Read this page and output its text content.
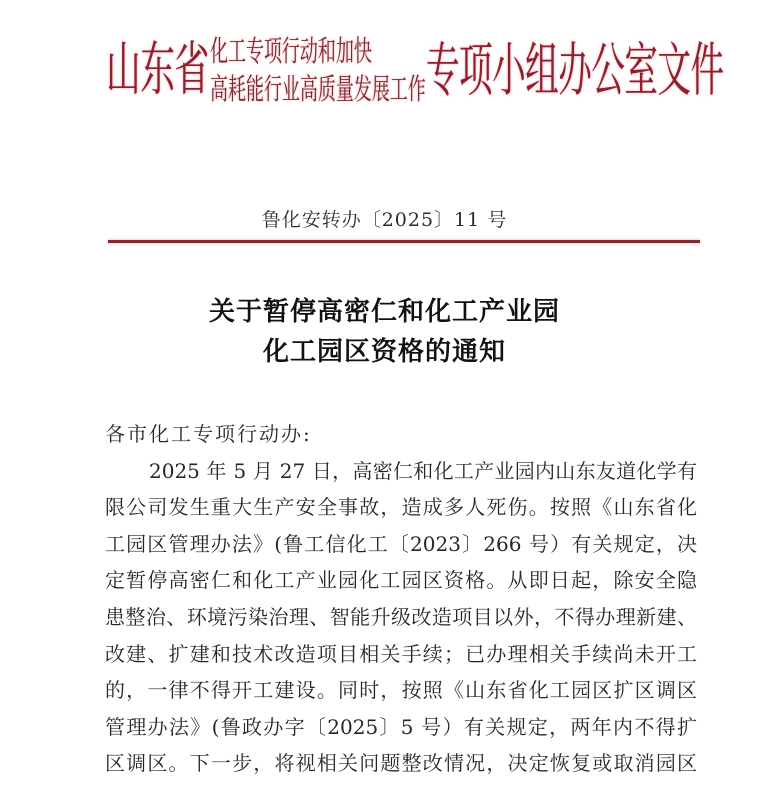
山东省 化工专项行动和加快
高耗能行业高质量发展工作 专项小组办公室文件
鲁化安转办〔2025〕11 号
关于暂停高密仁和化工产业园
化工园区资格的通知
各市化工专项行动办:
2025 年 5 月 27 日，高密仁和化工产业园内山东友道化学有
限公司发生重大生产安全事故，造成多人死伤。按照《山东省化
工园区管理办法》(鲁工信化工〔2023〕266 号）有关规定，决
定暂停高密仁和化工产业园化工园区资格。从即日起，除安全隐
患整治、环境污染治理、智能升级改造项目以外，不得办理新建、
改建、扩建和技术改造项目相关手续；已办理相关手续尚未开工
的，一律不得开工建设。同时，按照《山东省化工园区扩区调区
管理办法》(鲁政办字〔2025〕5 号）有关规定，两年内不得扩
区调区。下一步，将视相关问题整改情况，决定恢复或取消园区
